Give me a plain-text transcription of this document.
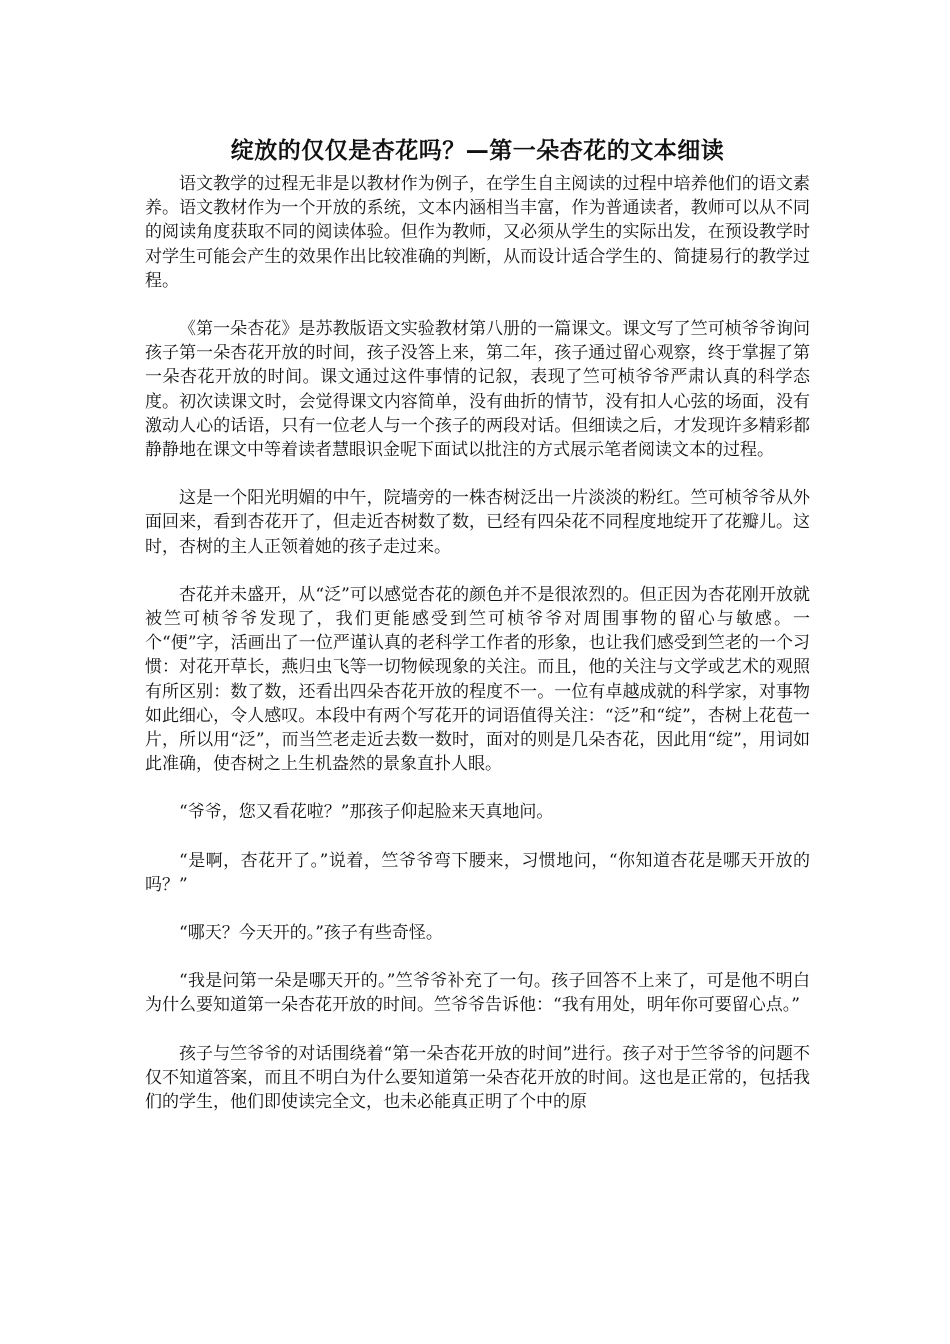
绽放的仅仅是杏花吗？—第一朵杏花的文本细读

语文教学的过程无非是以教材作为例子，在学生自主阅读的过程中培养他们的语文素养。语文教材作为一个开放的系统，文本内涵相当丰富，作为普通读者，教师可以从不同的阅读角度获取不同的阅读体验。但作为教师，又必须从学生的实际出发，在预设教学时对学生可能会产生的效果作出比较准确的判断，从而设计适合学生的、简捷易行的教学过程。

《第一朵杏花》是苏教版语文实验教材第八册的一篇课文。课文写了竺可桢爷爷询问孩子第一朵杏花开放的时间，孩子没答上来，第二年，孩子通过留心观察，终于掌握了第一朵杏花开放的时间。课文通过这件事情的记叙，表现了竺可桢爷爷严肃认真的科学态度。初次读课文时，会觉得课文内容简单，没有曲折的情节，没有扣人心弦的场面，没有激动人心的话语，只有一位老人与一个孩子的两段对话。但细读之后，才发现许多精彩都静静地在课文中等着读者慧眼识金呢下面试以批注的方式展示笔者阅读文本的过程。

这是一个阳光明媚的中午，院墙旁的一株杏树泛出一片淡淡的粉红。竺可桢爷爷从外面回来，看到杏花开了，但走近杏树数了数，已经有四朵花不同程度地绽开了花瓣儿。这时，杏树的主人正领着她的孩子走过来。

杏花并未盛开，从“泛”可以感觉杏花的颜色并不是很浓烈的。但正因为杏花刚开放就被竺可桢爷爷发现了，我们更能感受到竺可桢爷爷对周围事物的留心与敏感。一个“便”字，活画出了一位严谨认真的老科学工作者的形象，也让我们感受到竺老的一个习惯：对花开草长，燕归虫飞等一切物候现象的关注。而且，他的关注与文学或艺术的观照有所区别：数了数，还看出四朵杏花开放的程度不一。一位有卓越成就的科学家，对事物如此细心，令人感叹。本段中有两个写花开的词语值得关注：“泛”和“绽”，杏树上花苞一片，所以用“泛”，而当竺老走近去数一数时，面对的则是几朵杏花，因此用“绽”，用词如此准确，使杏树之上生机盎然的景象直扑人眼。

“爷爷，您又看花啦？”那孩子仰起脸来天真地问。

“是啊，杏花开了。”说着，竺爷爷弯下腰来，习惯地问，“你知道杏花是哪天开放的吗？”

“哪天？今天开的。”孩子有些奇怪。

“我是问第一朵是哪天开的。”竺爷爷补充了一句。孩子回答不上来了，可是他不明白为什么要知道第一朵杏花开放的时间。竺爷爷告诉他：“我有用处，明年你可要留心点。”

孩子与竺爷爷的对话围绕着“第一朵杏花开放的时间”进行。孩子对于竺爷爷的问题不仅不知道答案，而且不明白为什么要知道第一朵杏花开放的时间。这也是正常的，包括我们的学生，他们即使读完全文，也未必能真正明了个中的原
